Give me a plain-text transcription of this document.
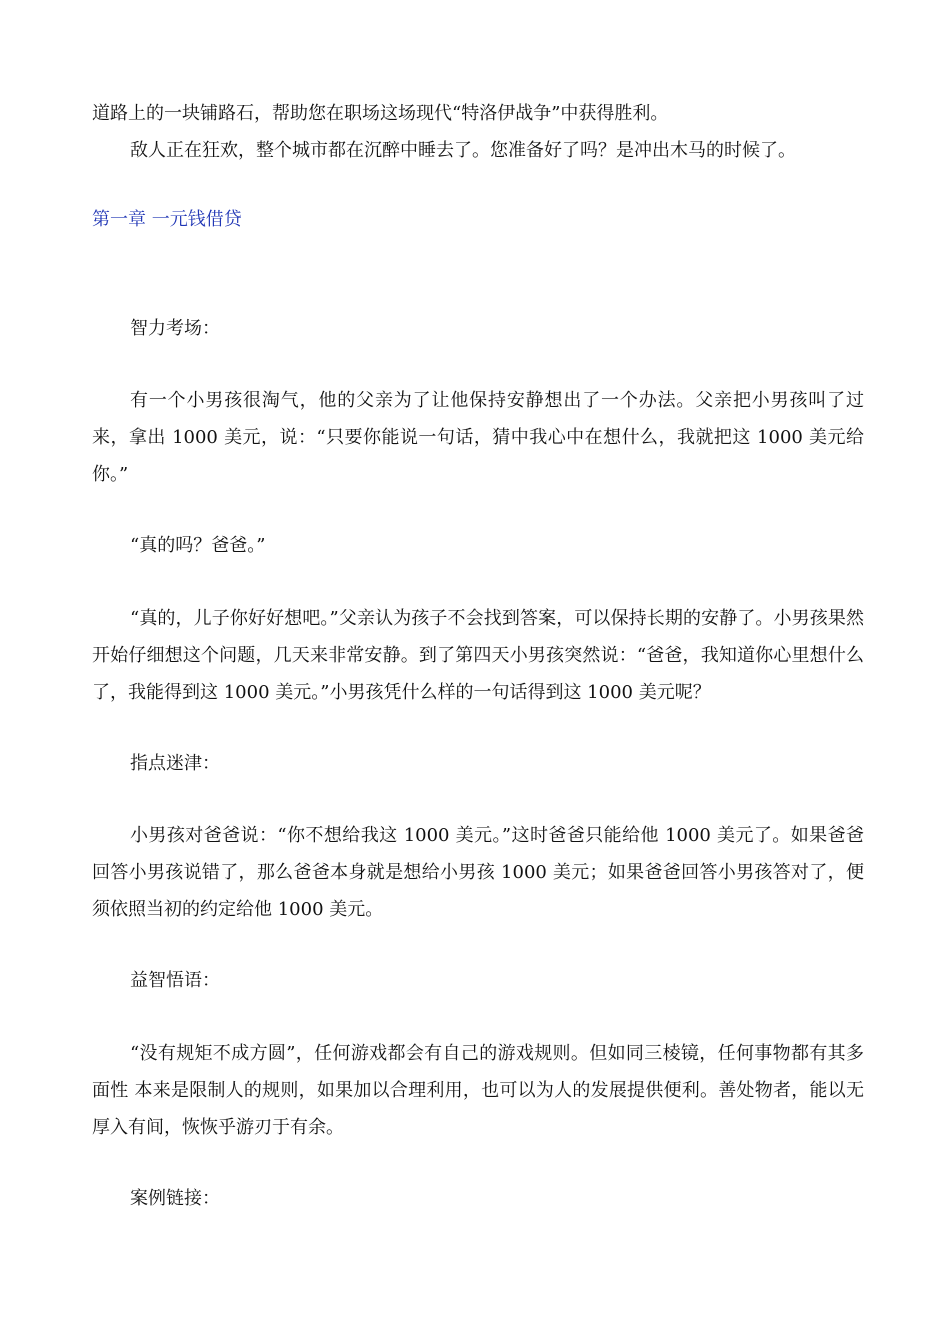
道路上的一块铺路石，帮助您在职场这场现代“特洛伊战争”中获得胜利。

敌人正在狂欢，整个城市都在沉醉中睡去了。您准备好了吗？是冲出木马的时候了。

第一章 一元钱借贷

智力考场：

有一个小男孩很淘气，他的父亲为了让他保持安静想出了一个办法。父亲把小男孩叫了过来，拿出 1000 美元，说：“只要你能说一句话，猜中我心中在想什么，我就把这 1000 美元给你。”

“真的吗？爸爸。”

“真的，儿子你好好想吧。”父亲认为孩子不会找到答案，可以保持长期的安静了。小男孩果然开始仔细想这个问题，几天来非常安静。到了第四天小男孩突然说：“爸爸，我知道你心里想什么了，我能得到这 1000 美元。”小男孩凭什么样的一句话得到这 1000 美元呢？

指点迷津：

小男孩对爸爸说：“你不想给我这 1000 美元。”这时爸爸只能给他 1000 美元了。如果爸爸回答小男孩说错了，那么爸爸本身就是想给小男孩 1000 美元；如果爸爸回答小男孩答对了，便须依照当初的约定给他 1000 美元。

益智悟语：

“没有规矩不成方圆”，任何游戏都会有自己的游戏规则。但如同三棱镜，任何事物都有其多面性 本来是限制人的规则，如果加以合理利用，也可以为人的发展提供便利。善处物者，能以无厚入有间，恢恢乎游刃于有余。

案例链接：
